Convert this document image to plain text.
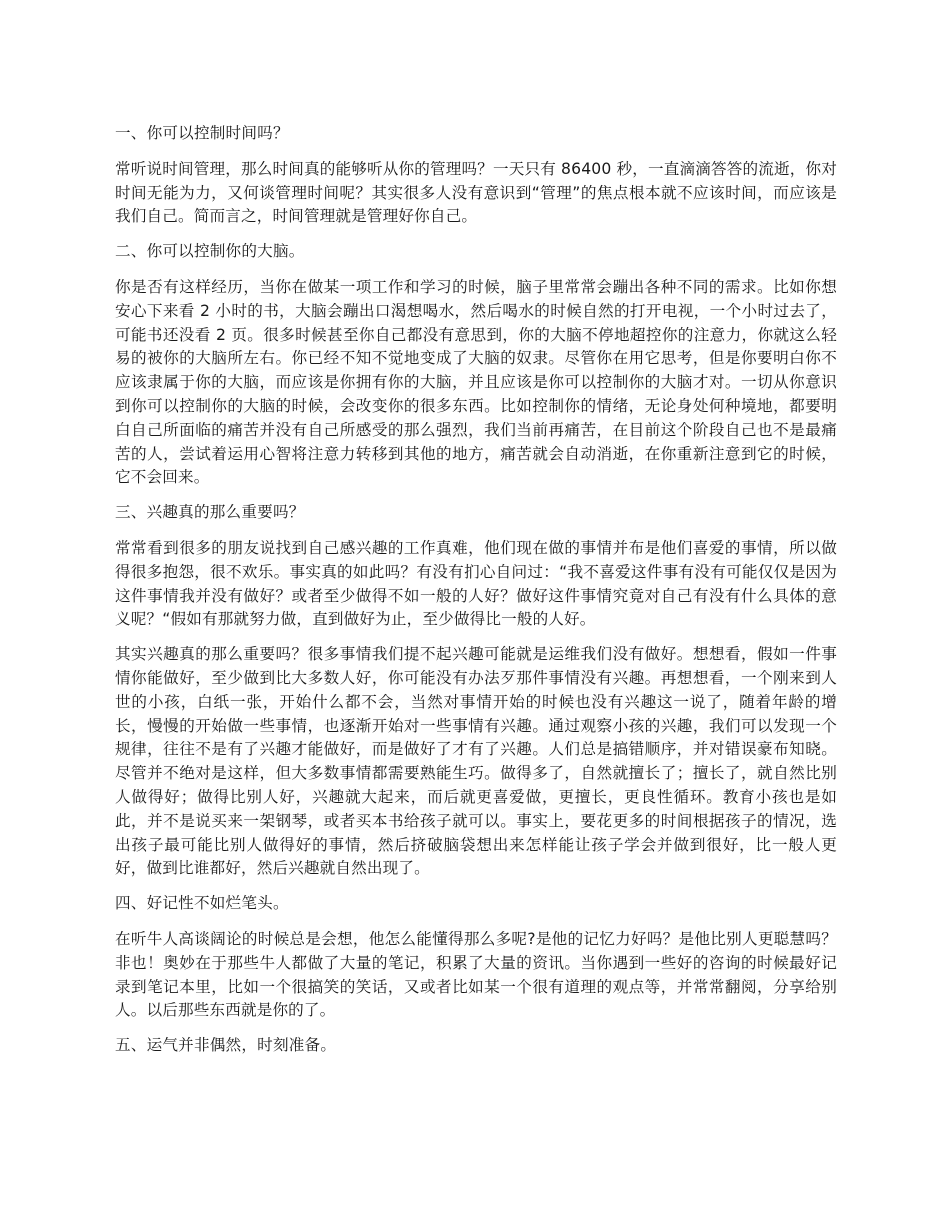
一、你可以控制时间吗？

常听说时间管理，那么时间真的能够听从你的管理吗？一天只有 86400 秒，一直滴滴答答的流逝，你对时间无能为力，又何谈管理时间呢？其实很多人没有意识到“管理”的焦点根本就不应该时间，而应该是我们自己。简而言之，时间管理就是管理好你自己。

二、你可以控制你的大脑。

你是否有这样经历，当你在做某一项工作和学习的时候，脑子里常常会蹦出各种不同的需求。比如你想安心下来看 2 小时的书，大脑会蹦出口渴想喝水，然后喝水的时候自然的打开电视，一个小时过去了，可能书还没看 2 页。很多时候甚至你自己都没有意思到，你的大脑不停地超控你的注意力，你就这么轻易的被你的大脑所左右。你已经不知不觉地变成了大脑的奴隶。尽管你在用它思考，但是你要明白你不应该隶属于你的大脑，而应该是你拥有你的大脑，并且应该是你可以控制你的大脑才对。一切从你意识到你可以控制你的大脑的时候，会改变你的很多东西。比如控制你的情绪，无论身处何种境地，都要明白自己所面临的痛苦并没有自己所感受的那么强烈，我们当前再痛苦，在目前这个阶段自己也不是最痛苦的人，尝试着运用心智将注意力转移到其他的地方，痛苦就会自动消逝，在你重新注意到它的时候，它不会回来。

三、兴趣真的那么重要吗？

常常看到很多的朋友说找到自己感兴趣的工作真难，他们现在做的事情并布是他们喜爱的事情，所以做得很多抱怨，很不欢乐。事实真的如此吗？有没有扪心自问过：“我不喜爱这件事有没有可能仅仅是因为这件事情我并没有做好？或者至少做得不如一般的人好？做好这件事情究竟对自己有没有什么具体的意义呢？“假如有那就努力做，直到做好为止，至少做得比一般的人好。

其实兴趣真的那么重要吗？很多事情我们提不起兴趣可能就是运维我们没有做好。想想看，假如一件事情你能做好，至少做到比大多数人好，你可能没有办法歹那件事情没有兴趣。再想想看，一个刚来到人世的小孩，白纸一张，开始什么都不会，当然对事情开始的时候也没有兴趣这一说了，随着年龄的增长，慢慢的开始做一些事情，也逐渐开始对一些事情有兴趣。通过观察小孩的兴趣，我们可以发现一个规律，往往不是有了兴趣才能做好，而是做好了才有了兴趣。人们总是搞错顺序，并对错误豪布知晓。尽管并不绝对是这样，但大多数事情都需要熟能生巧。做得多了，自然就擅长了；擅长了，就自然比别人做得好；做得比别人好，兴趣就大起来，而后就更喜爱做，更擅长，更良性循环。教育小孩也是如此，并不是说买来一架钢琴，或者买本书给孩子就可以。事实上，要花更多的时间根据孩子的情况，选出孩子最可能比别人做得好的事情，然后挤破脑袋想出来怎样能让孩子学会并做到很好，比一般人更好，做到比谁都好，然后兴趣就自然出现了。

四、好记性不如烂笔头。

在听牛人高谈阔论的时候总是会想，他怎么能懂得那么多呢?是他的记忆力好吗？是他比别人更聪慧吗？非也！奥妙在于那些牛人都做了大量的笔记，积累了大量的资讯。当你遇到一些好的咨询的时候最好记录到笔记本里，比如一个很搞笑的笑话，又或者比如某一个很有道理的观点等，并常常翻阅，分享给别人。以后那些东西就是你的了。

五、运气并非偶然，时刻准备。
